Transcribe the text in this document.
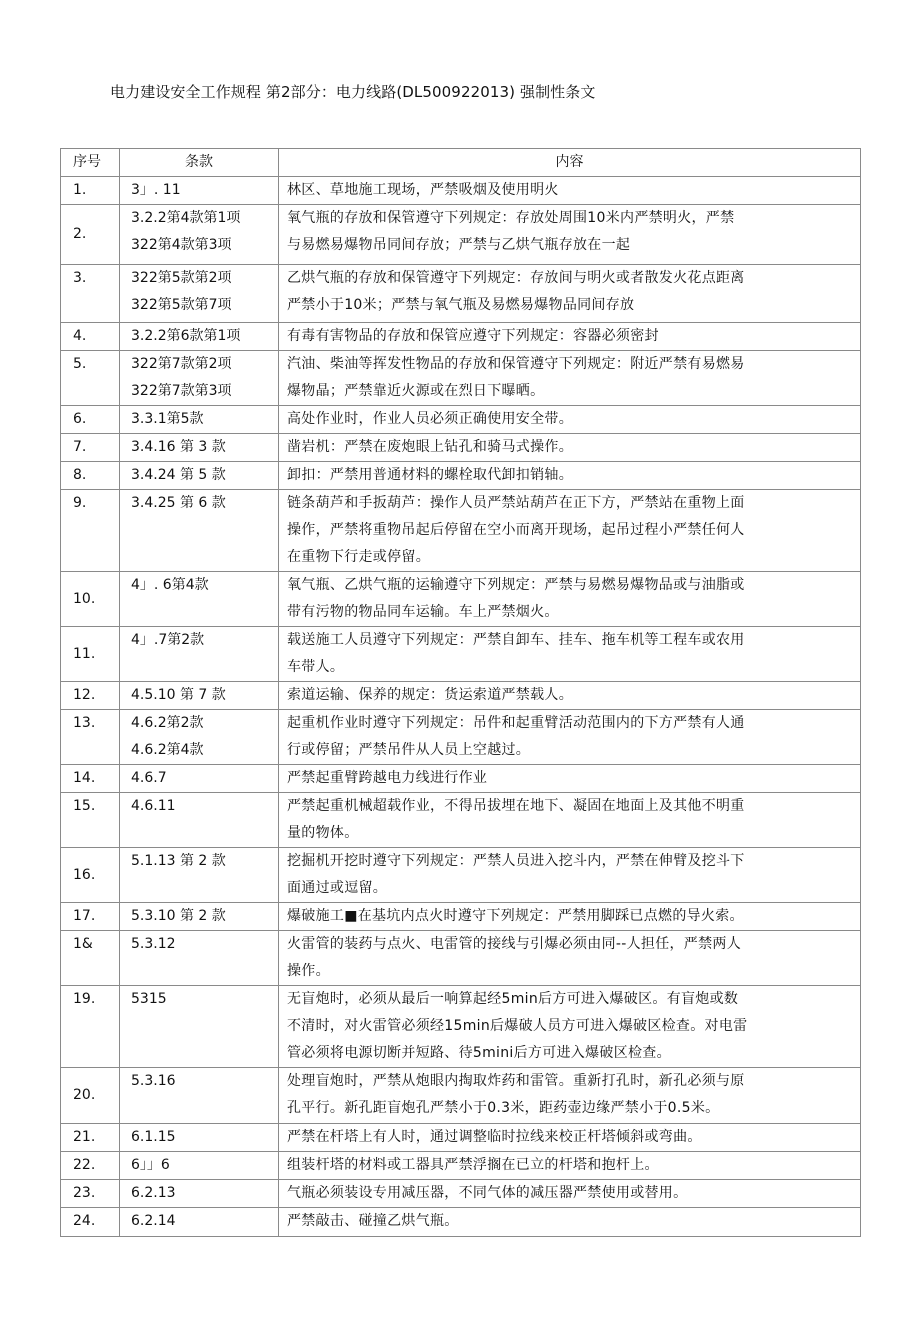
电力建设安全工作规程 第2部分：电力线路(DL500922013) 强制性条文
序号	条款	内容
1.	3」. 11	林区、草地施工现场，严禁吸烟及使用明火

2.	3.2.2第4款第1项
322第4款第3项	氧气瓶的存放和保管遵守下列规定：存放处周围10米内严禁明火，严禁
与易燃易爆物吊同间存放；严禁与乙烘气瓶存放在一起

3.	322第5款第2项
322第5款第7项	乙烘气瓶的存放和保管遵守下列规定：存放间与明火或者散发火花点距离
严禁小于10米；严禁与氧气瓶及易燃易爆物品同间存放

4.	3.2.2第6款第1项	有毒有害物品的存放和保管应遵守下列规定：容器必须密封

5.	322第7款第2项
322第7款第3项	汽油、柴油等挥发性物品的存放和保管遵守下列规定：附近严禁有易燃易
爆物晶；严禁靠近火源或在烈日下曝晒。

6.	3.3.1第5款	高处作业时，作业人员必须正确使用安全带。

7.	3.4.16 第 3 款	凿岩机：严禁在废炮眼上钻孔和骑马式操作。

8.	3.4.24 第 5 款	卸扣：严禁用普通材料的螺栓取代卸扣销轴。

9.	3.4.25 第 6 款	链条葫芦和手扳葫芦：操作人员严禁站葫芦在正下方，严禁站在重物上面
操作，严禁将重物吊起后停留在空小而离开现场，起吊过程小严禁任何人
在重物下行走或停留。

10.	4」. 6第4款	氧气瓶、乙烘气瓶的运输遵守下列规定：严禁与易燃易爆物品或与油脂或
带有污物的物品同车运输。车上严禁烟火。

11.	4」.7第2款	载送施工人员遵守下列规定：严禁自卸车、挂车、拖车机等工程车或农用
车带人。

12.	4.5.10 第 7 款	索道运输、保养的规定：货运索道严禁载人。

13.	4.6.2第2款
4.6.2第4款	起重机作业时遵守下列规定：吊件和起重臂活动范围内的下方严禁有人通
行或停留；严禁吊件从人员上空越过。

14.	4.6.7	严禁起重臂跨越电力线进行作业

15.	4.6.11	严禁起重机械超载作业，不得吊拔埋在地下、凝固在地面上及其他不明重
量的物体。

16.	5.1.13 第 2 款	挖掘机开挖时遵守下列规定：严禁人员进入挖斗内，严禁在伸臂及挖斗下
面通过或逗留。

17.	5.3.10 第 2 款	爆破施工■在基坑内点火时遵守下列规定：严禁用脚踩已点燃的导火索。

1&	5.3.12	火雷管的装药与点火、电雷管的接线与引爆必须由同--人担任，严禁两人
操作。

19.	5315	无盲炮时，必须从最后一响算起经5min后方可进入爆破区。有盲炮或数
不清时，对火雷管必须经15min后爆破人员方可进入爆破区检查。对电雷
管必须将电源切断并短路、待5mini后方可进入爆破区检查。

20.	5.3.16	处理盲炮时，严禁从炮眼内掏取炸药和雷管。重新打孔时，新孔必须与原
孔平行。新孔距盲炮孔严禁小于0.3米，距药壶边缘严禁小于0.5米。

21.	6.1.15	严禁在杆塔上有人时，通过调整临时拉线来校正杆塔倾斜或弯曲。

22.	6」」6	组装杆塔的材料或工器具严禁浮搁在已立的杆塔和抱杆上。

23.	6.2.13	气瓶必须装设专用减压器，不同气体的减压器严禁使用或替用。

24.	6.2.14	严禁敲击、碰撞乙烘气瓶。
